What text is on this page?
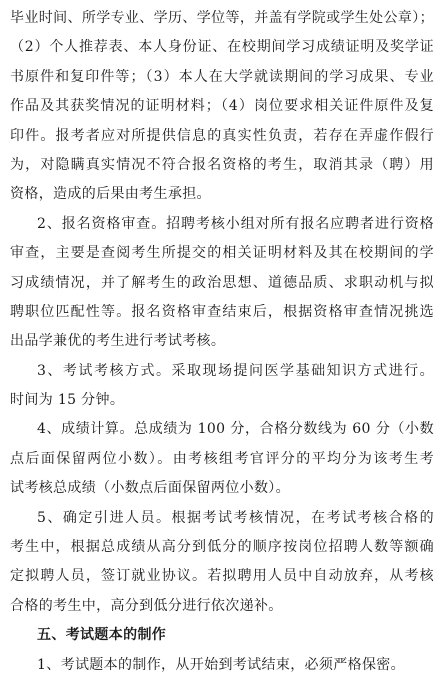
毕业时间、所学专业、学历、学位等，并盖有学院或学生处公章）；
（2）个人推荐表、本人身份证、在校期间学习成绩证明及奖学证
书原件和复印件等；（3）本人在大学就读期间的学习成果、专业
作品及其获奖情况的证明材料；（4）岗位要求相关证件原件及复
印件。报考者应对所提供信息的真实性负责，若存在弄虚作假行
为，对隐瞒真实情况不符合报名资格的考生，取消其录（聘）用
资格，造成的后果由考生承担。
2、报名资格审查。招聘考核小组对所有报名应聘者进行资格
审查，主要是查阅考生所提交的相关证明材料及其在校期间的学
习成绩情况，并了解考生的政治思想、道德品质、求职动机与拟
聘职位匹配性等。报名资格审查结束后，根据资格审查情况挑选
出品学兼优的考生进行考试考核。
3、考试考核方式。采取现场提问医学基础知识方式进行。
时间为 15 分钟。
4、成绩计算。总成绩为 100 分，合格分数线为 60 分（小数
点后面保留两位小数）。由考核组考官评分的平均分为该考生考
试考核总成绩（小数点后面保留两位小数）。
5、确定引进人员。根据考试考核情况，在考试考核合格的
考生中，根据总成绩从高分到低分的顺序按岗位招聘人数等额确
定拟聘人员，签订就业协议。若拟聘用人员中自动放弃，从考核
合格的考生中，高分到低分进行依次递补。
五、考试题本的制作
1、考试题本的制作，从开始到考试结束，必须严格保密。
